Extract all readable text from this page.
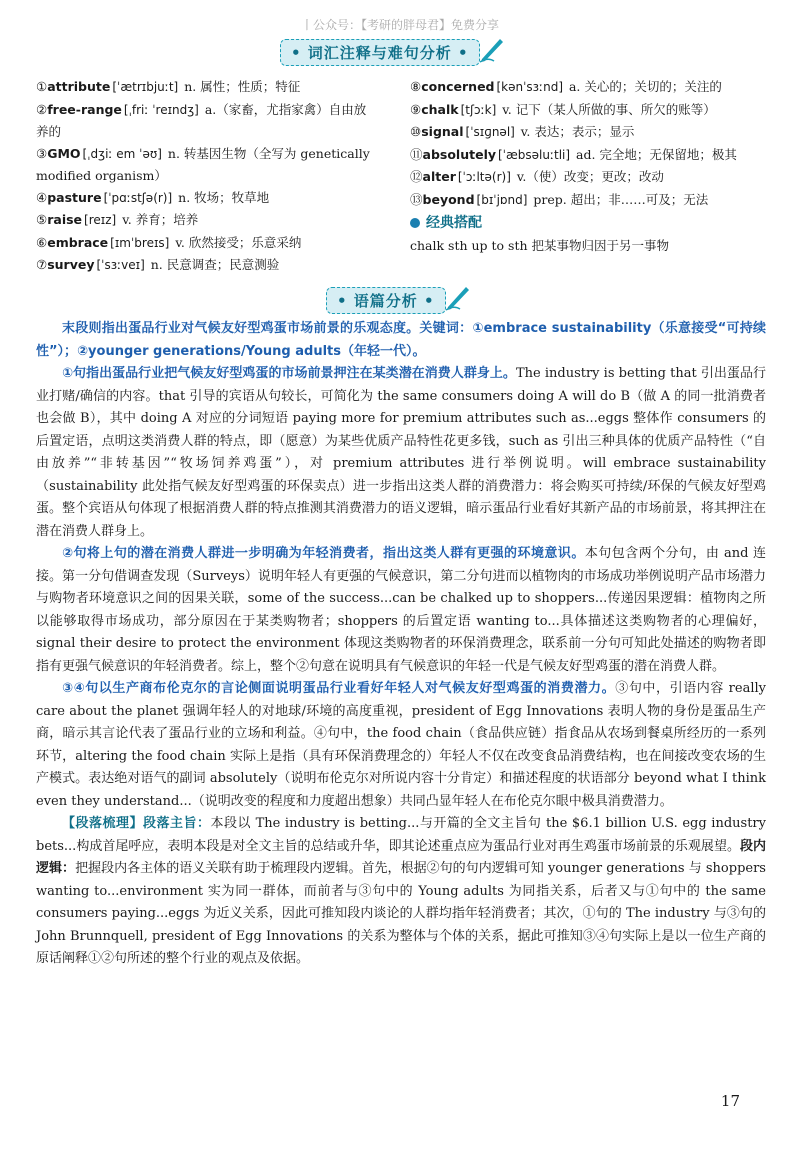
丨公众号：【考研的胖母君】免费分享
• 词汇注释与难句分析 •
①attribute [ˈætrɪbjuːt] n. 属性；性质；特征
②free-range [ˌfriː ˈreɪndʒ] a.（家畜，尤指家禽）自由放养的
③GMO [ˌdʒiː em ˈəʊ] n. 转基因生物（全写为 genetically modified organism）
④pasture [ˈpɑːstʃə(r)] n. 牧场；牧草地
⑤raise [reɪz] v. 养育；培养
⑥embrace [ɪmˈbreɪs] v. 欣然接受；乐意采纳
⑦survey [ˈsɜːveɪ] n. 民意调查；民意测验
⑧concerned [kənˈsɜːnd] a. 关心的；关切的；关注的
⑨chalk [tʃɔːk] v. 记下（某人所做的事、所欠的账等）
⑩signal [ˈsɪɡnəl] v. 表达；表示；显示
⑪absolutely [ˈæbsəluːtli] ad. 完全地；无保留地；极其
⑫alter [ˈɔːltə(r)] v.（使）改变；更改；改动
⑬beyond [bɪˈjɒnd] prep. 超出；非……可及；无法
经典搭配
chalk sth up to sth 把某事物归因于另一事物
• 语篇分析 •

末段则指出蛋品行业对气候友好型鸡蛋市场前景的乐观态度。关键词：①embrace sustainability（乐意接受“可持续性”）；②younger generations/Young adults（年轻一代）。

①句指出蛋品行业把气候友好型鸡蛋的市场前景押注在某类潜在消费人群身上。The industry is betting that 引出蛋品行业打赌/确信的内容。that 引导的宾语从句较长，可简化为 the same consumers doing A will do B（做 A 的同一批消费者也会做 B），其中 doing A 对应的分词短语 paying more for premium attributes such as...eggs 整体作 consumers 的后置定语，点明这类消费人群的特点，即（愿意）为某些优质产品特性花更多钱，such as 引出三种具体的优质产品特性（“自由放养”“非转基因”“牧场饲养鸡蛋”），对 premium attributes 进行举例说明。will embrace sustainability（sustainability 此处指气候友好型鸡蛋的环保卖点）进一步指出这类人群的消费潜力：将会购买可持续/环保的气候友好型鸡蛋。整个宾语从句体现了根据消费人群的特点推测其消费潜力的语义逻辑，暗示蛋品行业看好其新产品的市场前景，将其押注在潜在消费人群身上。

②句将上句的潜在消费人群进一步明确为年轻消费者，指出这类人群有更强的环境意识。本句包含两个分句，由 and 连接。第一分句借调查发现（Surveys）说明年轻人有更强的气候意识，第二分句进而以植物肉的市场成功举例说明产品市场潜力与购物者环境意识之间的因果关联，some of the success...can be chalked up to shoppers...传递因果逻辑：植物肉之所以能够取得市场成功，部分原因在于某类购物者；shoppers 的后置定语 wanting to...具体描述这类购物者的心理偏好，signal their desire to protect the environment 体现这类购物者的环保消费理念，联系前一分句可知此处描述的购物者即指有更强气候意识的年轻消费者。综上，整个②句意在说明具有气候意识的年轻一代是气候友好型鸡蛋的潜在消费人群。

③④句以生产商布伦克尔的言论侧面说明蛋品行业看好年轻人对气候友好型鸡蛋的消费潜力。③句中，引语内容 really care about the planet 强调年轻人的对地球/环境的高度重视，president of Egg Innovations 表明人物的身份是蛋品生产商，暗示其言论代表了蛋品行业的立场和利益。④句中，the food chain（食品供应链）指食品从农场到餐桌所经历的一系列环节，altering the food chain 实际上是指（具有环保消费理念的）年轻人不仅在改变食品消费结构，也在间接改变农场的生产模式。表达绝对语气的副词 absolutely（说明布伦克尔对所说内容十分肯定）和描述程度的状语部分 beyond what I think even they understand...（说明改变的程度和力度超出想象）共同凸显年轻人在布伦克尔眼中极具消费潜力。

【段落梳理】段落主旨：本段以 The industry is betting...与开篇的全文主旨句 the $6.1 billion U.S. egg industry bets...构成首尾呼应，表明本段是对全文主旨的总结或升华，即其论述重点应为蛋品行业对再生鸡蛋市场前景的乐观展望。段内逻辑：把握段内各主体的语义关联有助于梳理段内逻辑。首先，根据②句的句内逻辑可知 younger generations 与 shoppers wanting to...environment 实为同一群体，而前者与③句中的 Young adults 为同指关系，后者又与①句中的 the same consumers paying...eggs 为近义关系，因此可推知段内谈论的人群均指年轻消费者；其次，①句的 The industry 与③句的 John Brunnquell, president of Egg Innovations 的关系为整体与个体的关系，据此可推知③④句实际上是以一位生产商的原话阐释①②句所述的整个行业的观点及依据。

17
